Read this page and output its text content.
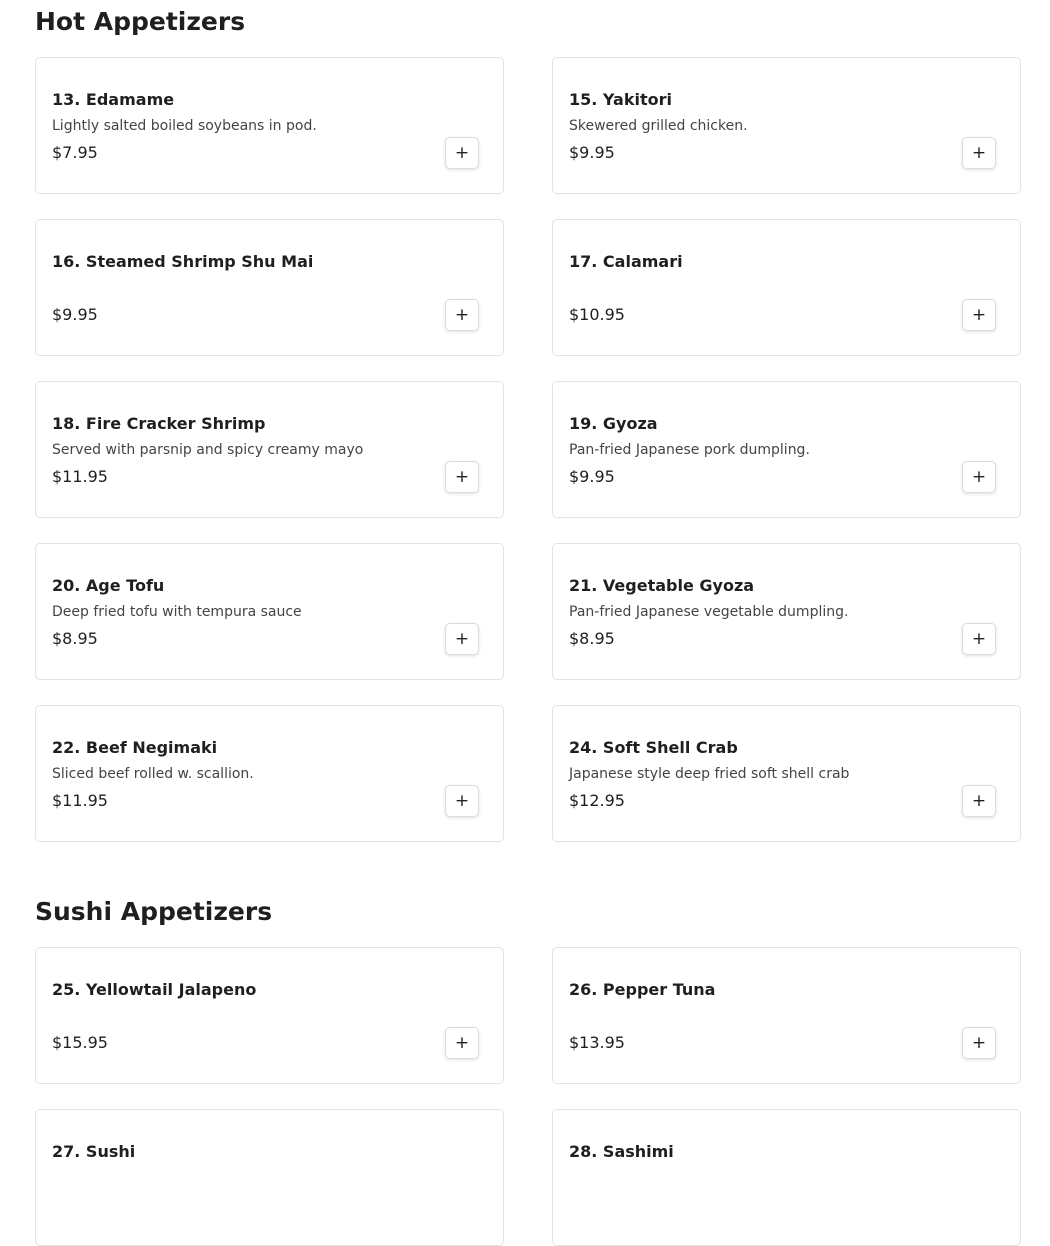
Hot Appetizers
13. Edamame
Lightly salted boiled soybeans in pod.
$7.95	+
15. Yakitori
Skewered grilled chicken.
$9.95	+
16. Steamed Shrimp Shu Mai
$9.95	+
17. Calamari
$10.95	+
18. Fire Cracker Shrimp
Served with parsnip and spicy creamy mayo
$11.95	+
19. Gyoza
Pan-fried Japanese pork dumpling.
$9.95	+
20. Age Tofu
Deep fried tofu with tempura sauce
$8.95	+
21. Vegetable Gyoza
Pan-fried Japanese vegetable dumpling.
$8.95	+
22. Beef Negimaki
Sliced beef rolled w. scallion.
$11.95	+
24. Soft Shell Crab
Japanese style deep fried soft shell crab
$12.95	+
Sushi Appetizers
25. Yellowtail Jalapeno
$15.95	+
26. Pepper Tuna
$13.95	+
27. Sushi	28. Sashimi
